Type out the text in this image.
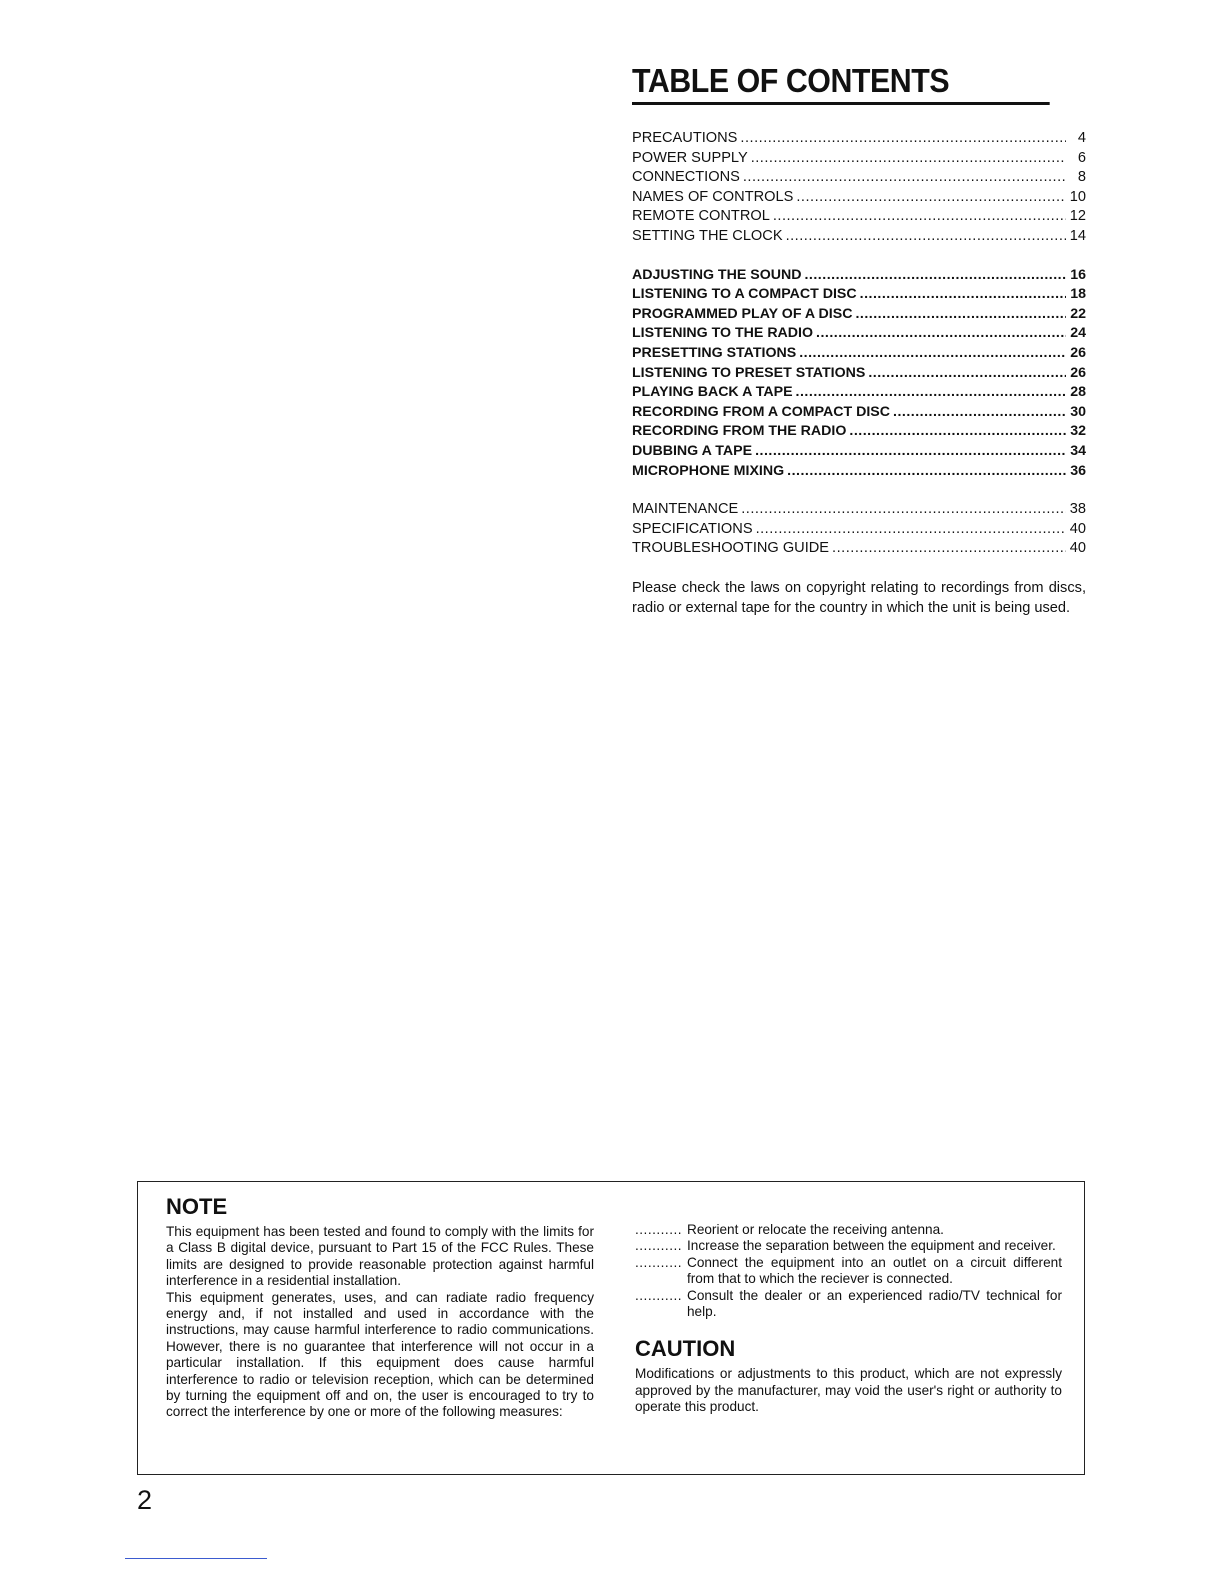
TABLE OF CONTENTS
PRECAUTIONS .....	4
POWER SUPPLY .....	6
CONNECTIONS .....	8
NAMES OF CONTROLS .....	10
REMOTE CONTROL .....	12
SETTING THE CLOCK .....	14
ADJUSTING THE SOUND .....	16
LISTENING TO A COMPACT DISC .....	18
PROGRAMMED PLAY OF A DISC .....	22
LISTENING TO THE RADIO .....	24
PRESETTING STATIONS .....	26
LISTENING TO PRESET STATIONS .....	26
PLAYING BACK A TAPE .....	28
RECORDING FROM A COMPACT DISC .....	30
RECORDING FROM THE RADIO .....	32
DUBBING A TAPE .....	34
MICROPHONE MIXING .....	36
MAINTENANCE .....	38
SPECIFICATIONS .....	40
TROUBLESHOOTING GUIDE .....	40

Please check the laws on copyright relating to recordings from discs, radio or external tape for the country in which the unit is being used.

NOTE

This equipment has been tested and found to comply with the limits for a Class B digital device, pursuant to Part 15 of the FCC Rules. These limits are designed to provide reasonable protection against harmful interference in a residential installation.

This equipment generates, uses, and can radiate radio frequency energy and, if not installed and used in accordance with the instructions, may cause harmful interference to radio communications. However, there is no guarantee that interference will not occur in a particular installation. If this equipment does cause harmful interference to radio or television reception, which can be determined by turning the equipment off and on, the user is encouraged to try to correct the interference by one or more of the following measures:

........... Reorient or relocate the receiving antenna.
........... Increase the separation between the equipment and receiver.
........... Connect the equipment into an outlet on a circuit different from that to which the reciever is connected.
........... Consult the dealer or an experienced radio/TV technical for help.
CAUTION

Modifications or adjustments to this product, which are not expressly approved by the manufacturer, may void the user's right or authority to operate this product.

2
